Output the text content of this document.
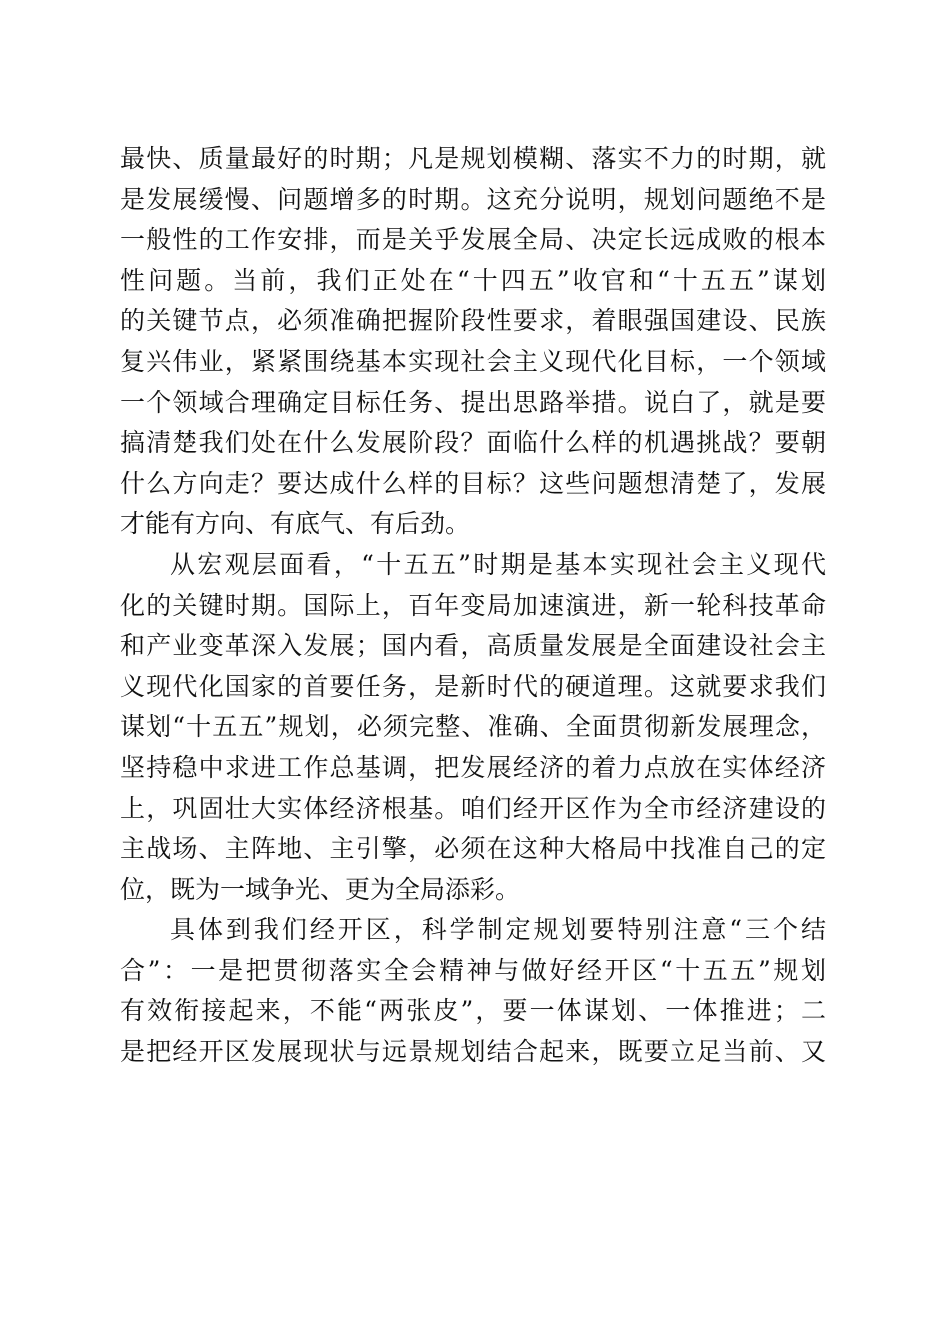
最快、质量最好的时期；凡是规划模糊、落实不力的时期，就
是发展缓慢、问题增多的时期。这充分说明，规划问题绝不是
一般性的工作安排，而是关乎发展全局、决定长远成败的根本
性问题。当前，我们正处在“十四五”收官和“十五五”谋划
的关键节点，必须准确把握阶段性要求，着眼强国建设、民族
复兴伟业，紧紧围绕基本实现社会主义现代化目标，一个领域
一个领域合理确定目标任务、提出思路举措。说白了，就是要
搞清楚我们处在什么发展阶段？面临什么样的机遇挑战？要朝
什么方向走？要达成什么样的目标？这些问题想清楚了，发展
才能有方向、有底气、有后劲。
从宏观层面看，“十五五”时期是基本实现社会主义现代
化的关键时期。国际上，百年变局加速演进，新一轮科技革命
和产业变革深入发展；国内看，高质量发展是全面建设社会主
义现代化国家的首要任务，是新时代的硬道理。这就要求我们
谋划“十五五”规划，必须完整、准确、全面贯彻新发展理念，
坚持稳中求进工作总基调，把发展经济的着力点放在实体经济
上，巩固壮大实体经济根基。咱们经开区作为全市经济建设的
主战场、主阵地、主引擎，必须在这种大格局中找准自己的定
位，既为一域争光、更为全局添彩。
具体到我们经开区，科学制定规划要特别注意“三个结
合”：一是把贯彻落实全会精神与做好经开区“十五五”规划
有效衔接起来，不能“两张皮”，要一体谋划、一体推进；二
是把经开区发展现状与远景规划结合起来，既要立足当前、又
